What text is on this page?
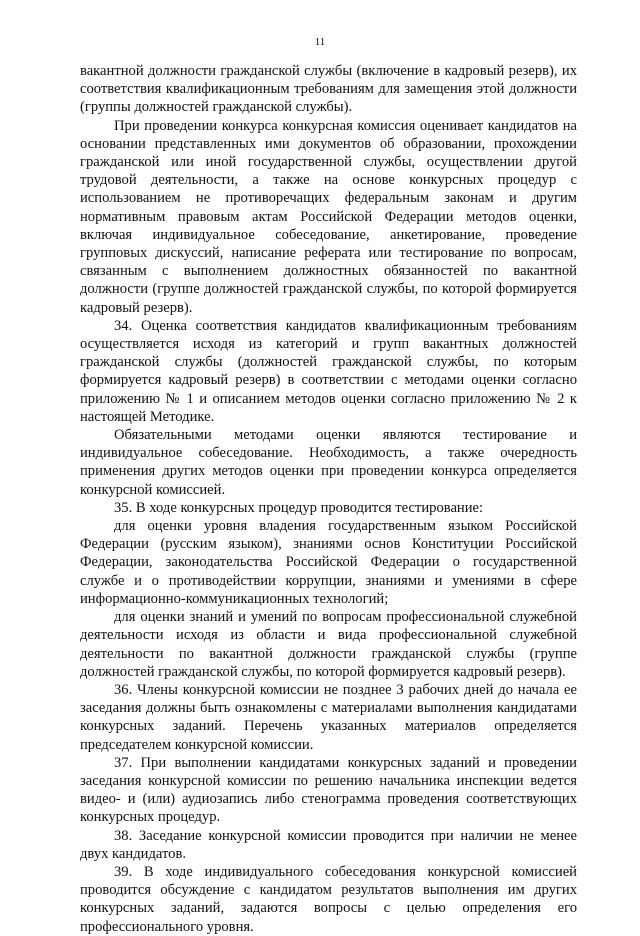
11

вакантной должности гражданской службы (включение в кадровый резерв), их соответствия квалификационным требованиям для замещения этой должности (группы должностей гражданской службы).

При проведении конкурса конкурсная комиссия оценивает кандидатов на основании представленных ими документов об образовании, прохождении гражданской или иной государственной службы, осуществлении другой трудовой деятельности, а также на основе конкурсных процедур с использованием не противоречащих федеральным законам и другим нормативным правовым актам Российской Федерации методов оценки, включая индивидуальное собеседование, анкетирование, проведение групповых дискуссий, написание реферата или тестирование по вопросам, связанным с выполнением должностных обязанностей по вакантной должности (группе должностей гражданской службы, по которой формируется кадровый резерв).

34. Оценка соответствия кандидатов квалификационным требованиям осуществляется исходя из категорий и групп вакантных должностей гражданской службы (должностей гражданской службы, по которым формируется кадровый резерв) в соответствии с методами оценки согласно приложению № 1 и описанием методов оценки согласно приложению № 2 к настоящей Методике.

Обязательными методами оценки являются тестирование и индивидуальное собеседование. Необходимость, а также очередность применения других методов оценки при проведении конкурса определяется конкурсной комиссией.

35. В ходе конкурсных процедур проводится тестирование:

для оценки уровня владения государственным языком Российской Федерации (русским языком), знаниями основ Конституции Российской Федерации, законодательства Российской Федерации о государственной службе и о противодействии коррупции, знаниями и умениями в сфере информационно-коммуникационных технологий;

для оценки знаний и умений по вопросам профессиональной служебной деятельности исходя из области и вида профессиональной служебной деятельности по вакантной должности гражданской службы (группе должностей гражданской службы, по которой формируется кадровый резерв).

36. Члены конкурсной комиссии не позднее 3 рабочих дней до начала ее заседания должны быть ознакомлены с материалами выполнения кандидатами конкурсных заданий. Перечень указанных материалов определяется председателем конкурсной комиссии.

37. При выполнении кандидатами конкурсных заданий и проведении заседания конкурсной комиссии по решению начальника инспекции ведется видео- и (или) аудиозапись либо стенограмма проведения соответствующих конкурсных процедур.

38. Заседание конкурсной комиссии проводится при наличии не менее двух кандидатов.

39. В ходе индивидуального собеседования конкурсной комиссией проводится обсуждение с кандидатом результатов выполнения им других конкурсных заданий, задаются вопросы с целью определения его профессионального уровня.
